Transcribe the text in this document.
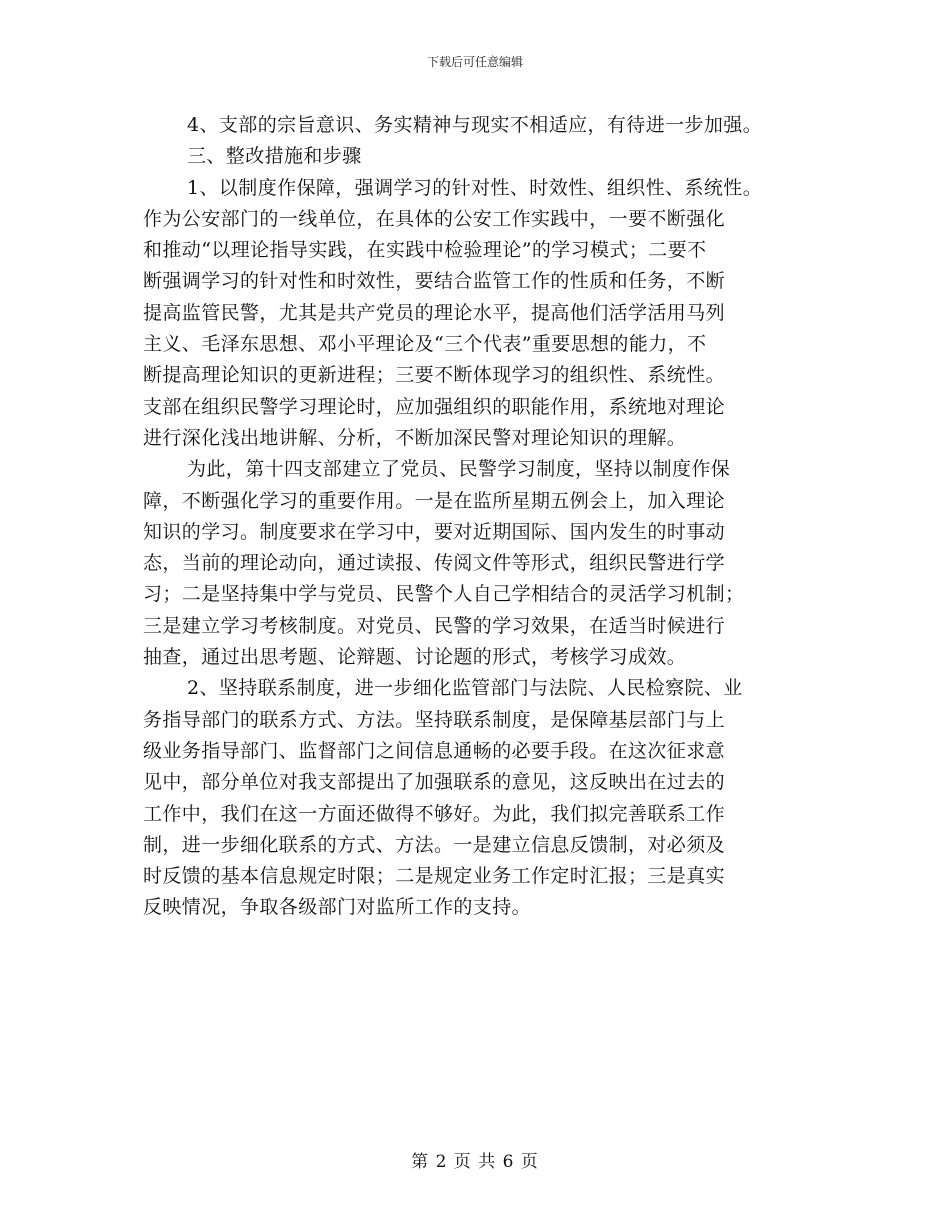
下载后可任意编辑
4、支部的宗旨意识、务实精神与现实不相适应，有待进一步加强。
三、整改措施和步骤
1、以制度作保障，强调学习的针对性、时效性、组织性、系统性。
作为公安部门的一线单位，在具体的公安工作实践中，一要不断强化
和推动“以理论指导实践，在实践中检验理论”的学习模式；二要不
断强调学习的针对性和时效性，要结合监管工作的性质和任务，不断
提高监管民警，尤其是共产党员的理论水平，提高他们活学活用马列
主义、毛泽东思想、邓小平理论及“三个代表”重要思想的能力，不
断提高理论知识的更新进程；三要不断体现学习的组织性、系统性。
支部在组织民警学习理论时，应加强组织的职能作用，系统地对理论
进行深化浅出地讲解、分析，不断加深民警对理论知识的理解。
为此，第十四支部建立了党员、民警学习制度，坚持以制度作保
障，不断强化学习的重要作用。一是在监所星期五例会上，加入理论
知识的学习。制度要求在学习中，要对近期国际、国内发生的时事动
态，当前的理论动向，通过读报、传阅文件等形式，组织民警进行学
习；二是坚持集中学与党员、民警个人自己学相结合的灵活学习机制；
三是建立学习考核制度。对党员、民警的学习效果，在适当时候进行
抽查，通过出思考题、论辩题、讨论题的形式，考核学习成效。
2、坚持联系制度，进一步细化监管部门与法院、人民检察院、业
务指导部门的联系方式、方法。坚持联系制度，是保障基层部门与上
级业务指导部门、监督部门之间信息通畅的必要手段。在这次征求意
见中，部分单位对我支部提出了加强联系的意见，这反映出在过去的
工作中，我们在这一方面还做得不够好。为此，我们拟完善联系工作
制，进一步细化联系的方式、方法。一是建立信息反馈制，对必须及
时反馈的基本信息规定时限；二是规定业务工作定时汇报；三是真实
反映情况，争取各级部门对监所工作的支持。
第 2 页 共 6 页
